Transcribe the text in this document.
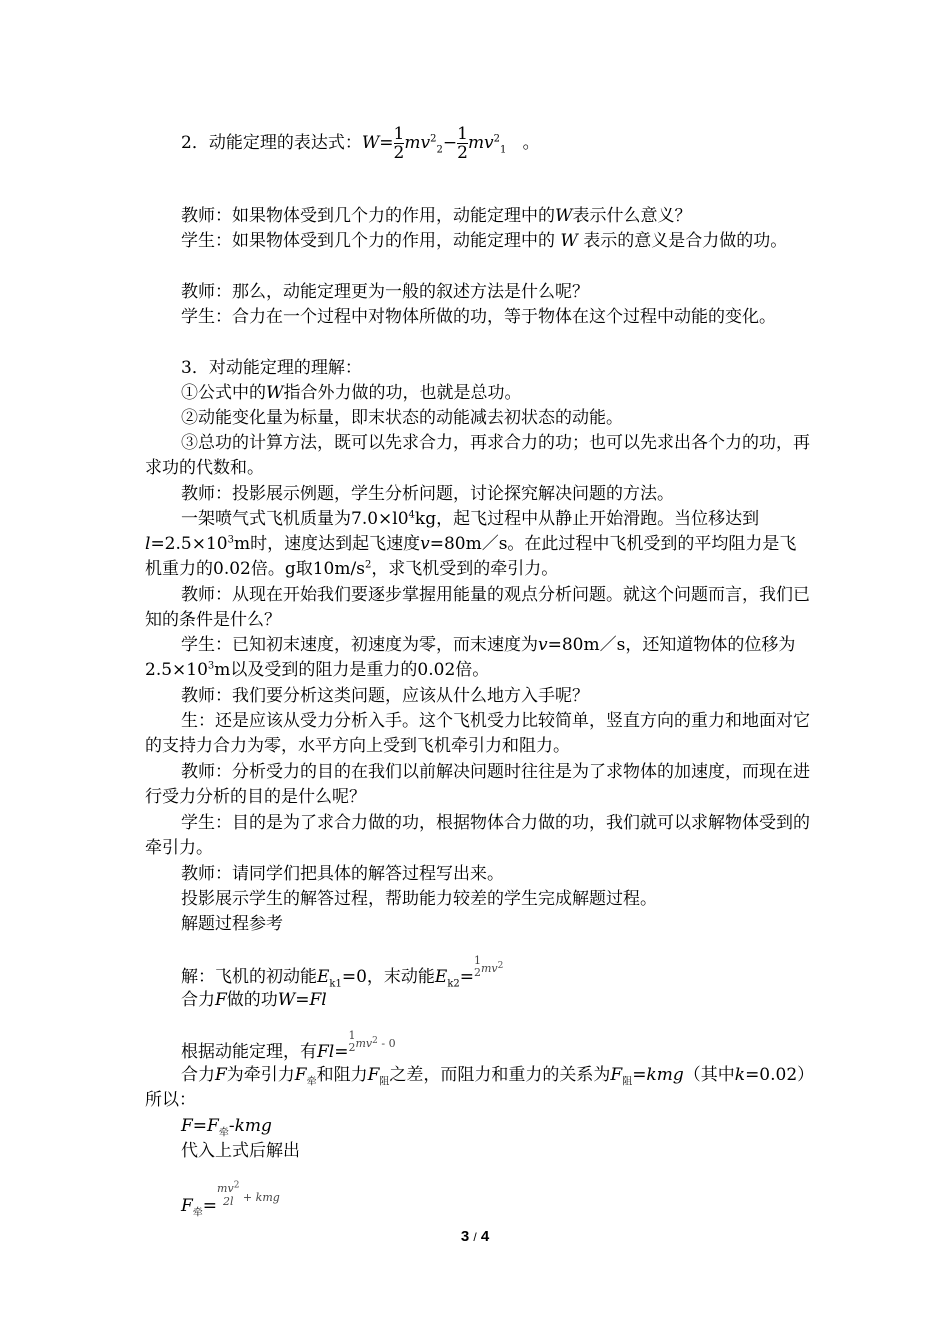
2．动能定理的表达式：$W= \frac{1}{2} mv^2_2- \frac{1}{2} mv^2_1$ 。
教师：如果物体受到几个力的作用，动能定理中的W表示什么意义？
学生：如果物体受到几个力的作用，动能定理中的 W 表示的意义是合力做的功。
教师：那么，动能定理更为一般的叙述方法是什么呢？
学生：合力在一个过程中对物体所做的功，等于物体在这个过程中动能的变化。
3．对动能定理的理解：
①公式中的W指合外力做的功，也就是总功。
②动能变化量为标量，即末状态的动能减去初状态的动能。
③总功的计算方法，既可以先求合力，再求合力的功；也可以先求出各个力的功，再求功的代数和。
教师：投影展示例题，学生分析问题，讨论探究解决问题的方法。
一架喷气式飞机质量为$7.0\times l0^4kg$，起飞过程中从静止开始滑跑。当位移达到$l=2.5\times 10^3m$时，速度达到起飞速度v=80m／s。在此过程中飞机受到的平均阻力是飞机重力的0.02倍。g取$10m/s^2$，求飞机受到的牵引力。
教师：从现在开始我们要逐步掌握用能量的观点分析问题。就这个问题而言，我们已知的条件是什么？
学生：已知初末速度，初速度为零，而末速度为v=80m／s，还知道物体的位移为$2.5\times 10^3m$以及受到的阻力是重力的0.02倍。
教师：我们要分析这类问题，应该从什么地方入手呢？
生：还是应该从受力分析入手。这个飞机受力比较简单，竖直方向的重力和地面对它的支持力合力为零，水平方向上受到飞机牵引力和阻力。
教师：分析受力的目的在我们以前解决问题时往往是为了求物体的加速度，而现在进行受力分析的目的是什么呢？
学生：目的是为了求合力做的功，根据物体合力做的功，我们就可以求解物体受到的牵引力。
教师：请同学们把具体的解答过程写出来。
投影展示学生的解答过程，帮助能力较差的学生完成解题过程。
解题过程参考
解：飞机的初动能$E_{k1}=0$，末动能$E_{k2}=$
1
2 $^{mv2}$
合力F做的功W=Fl
根据动能定理，有Fl=
1
2 $^{mv2}$ $^{- 0}$
合力F为牵引力$F_牵$和阻力$F_阻$之差，而阻力和重力的关系为$F_阻=kmg$（其中k=0.02）所以：
$F=F_牵$-kmg
代入上式后解出
$F_牵=$
$mv^2$
2l $^{+ kmg}$
3 / 4
